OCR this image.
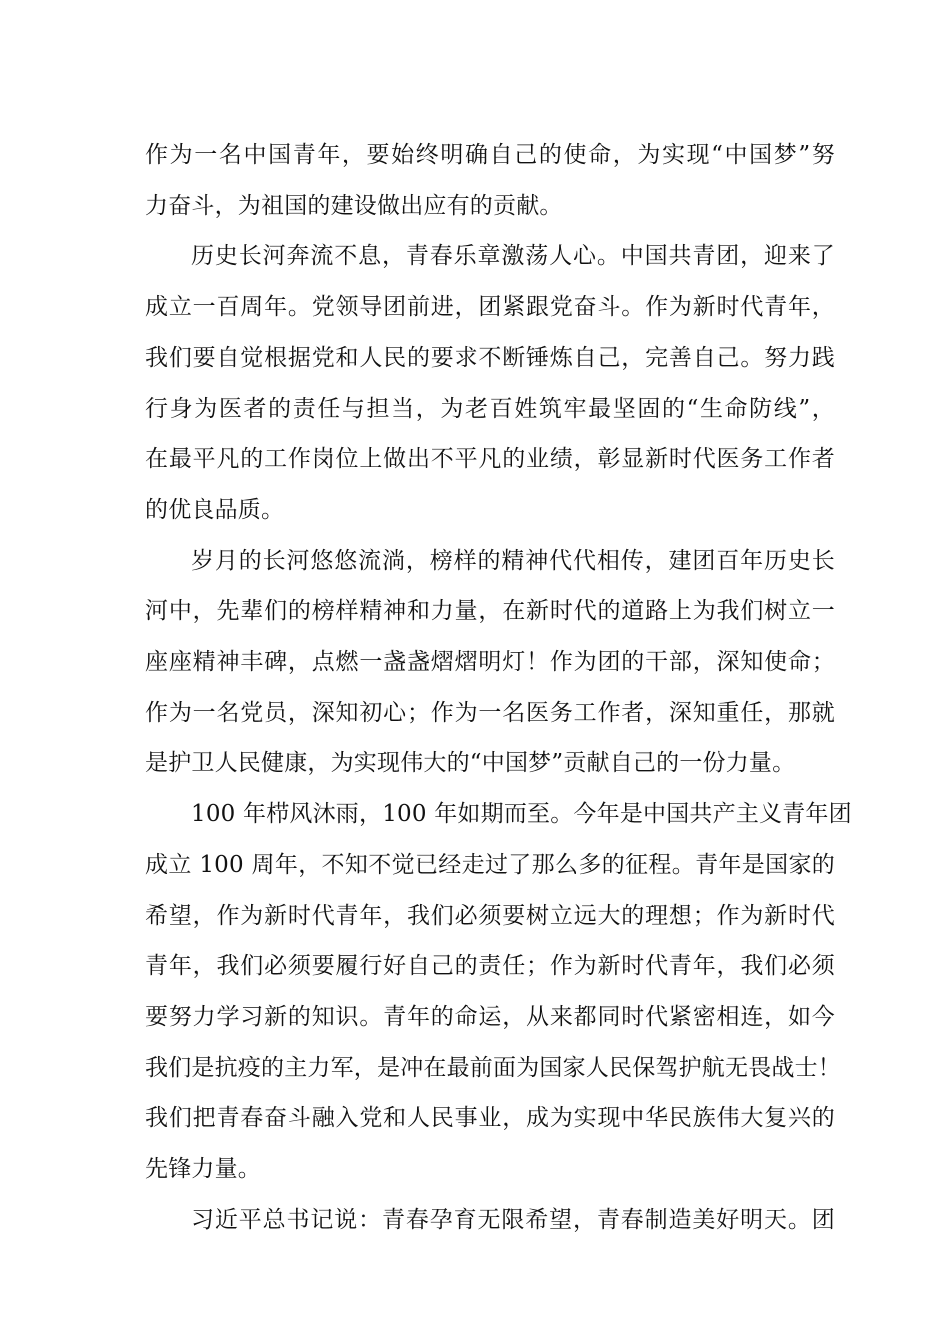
作为一名中国青年，要始终明确自己的使命，为实现“中国梦”努
力奋斗，为祖国的建设做出应有的贡献。
历史长河奔流不息，青春乐章激荡人心。中国共青团，迎来了
成立一百周年。党领导团前进，团紧跟党奋斗。作为新时代青年，
我们要自觉根据党和人民的要求不断锤炼自己，完善自己。努力践
行身为医者的责任与担当，为老百姓筑牢最坚固的“生命防线”，
在最平凡的工作岗位上做出不平凡的业绩，彰显新时代医务工作者
的优良品质。
岁月的长河悠悠流淌，榜样的精神代代相传，建团百年历史长
河中，先辈们的榜样精神和力量，在新时代的道路上为我们树立一
座座精神丰碑，点燃一盏盏熠熠明灯！作为团的干部，深知使命；
作为一名党员，深知初心；作为一名医务工作者，深知重任，那就
是护卫人民健康，为实现伟大的“中国梦”贡献自己的一份力量。
100 年栉风沐雨，100 年如期而至。今年是中国共产主义青年团
成立 100 周年，不知不觉已经走过了那么多的征程。青年是国家的
希望，作为新时代青年，我们必须要树立远大的理想；作为新时代
青年，我们必须要履行好自己的责任；作为新时代青年，我们必须
要努力学习新的知识。青年的命运，从来都同时代紧密相连，如今
我们是抗疫的主力军，是冲在最前面为国家人民保驾护航无畏战士！
我们把青春奋斗融入党和人民事业，成为实现中华民族伟大复兴的
先锋力量。
习近平总书记说：青春孕育无限希望，青春制造美好明天。团
